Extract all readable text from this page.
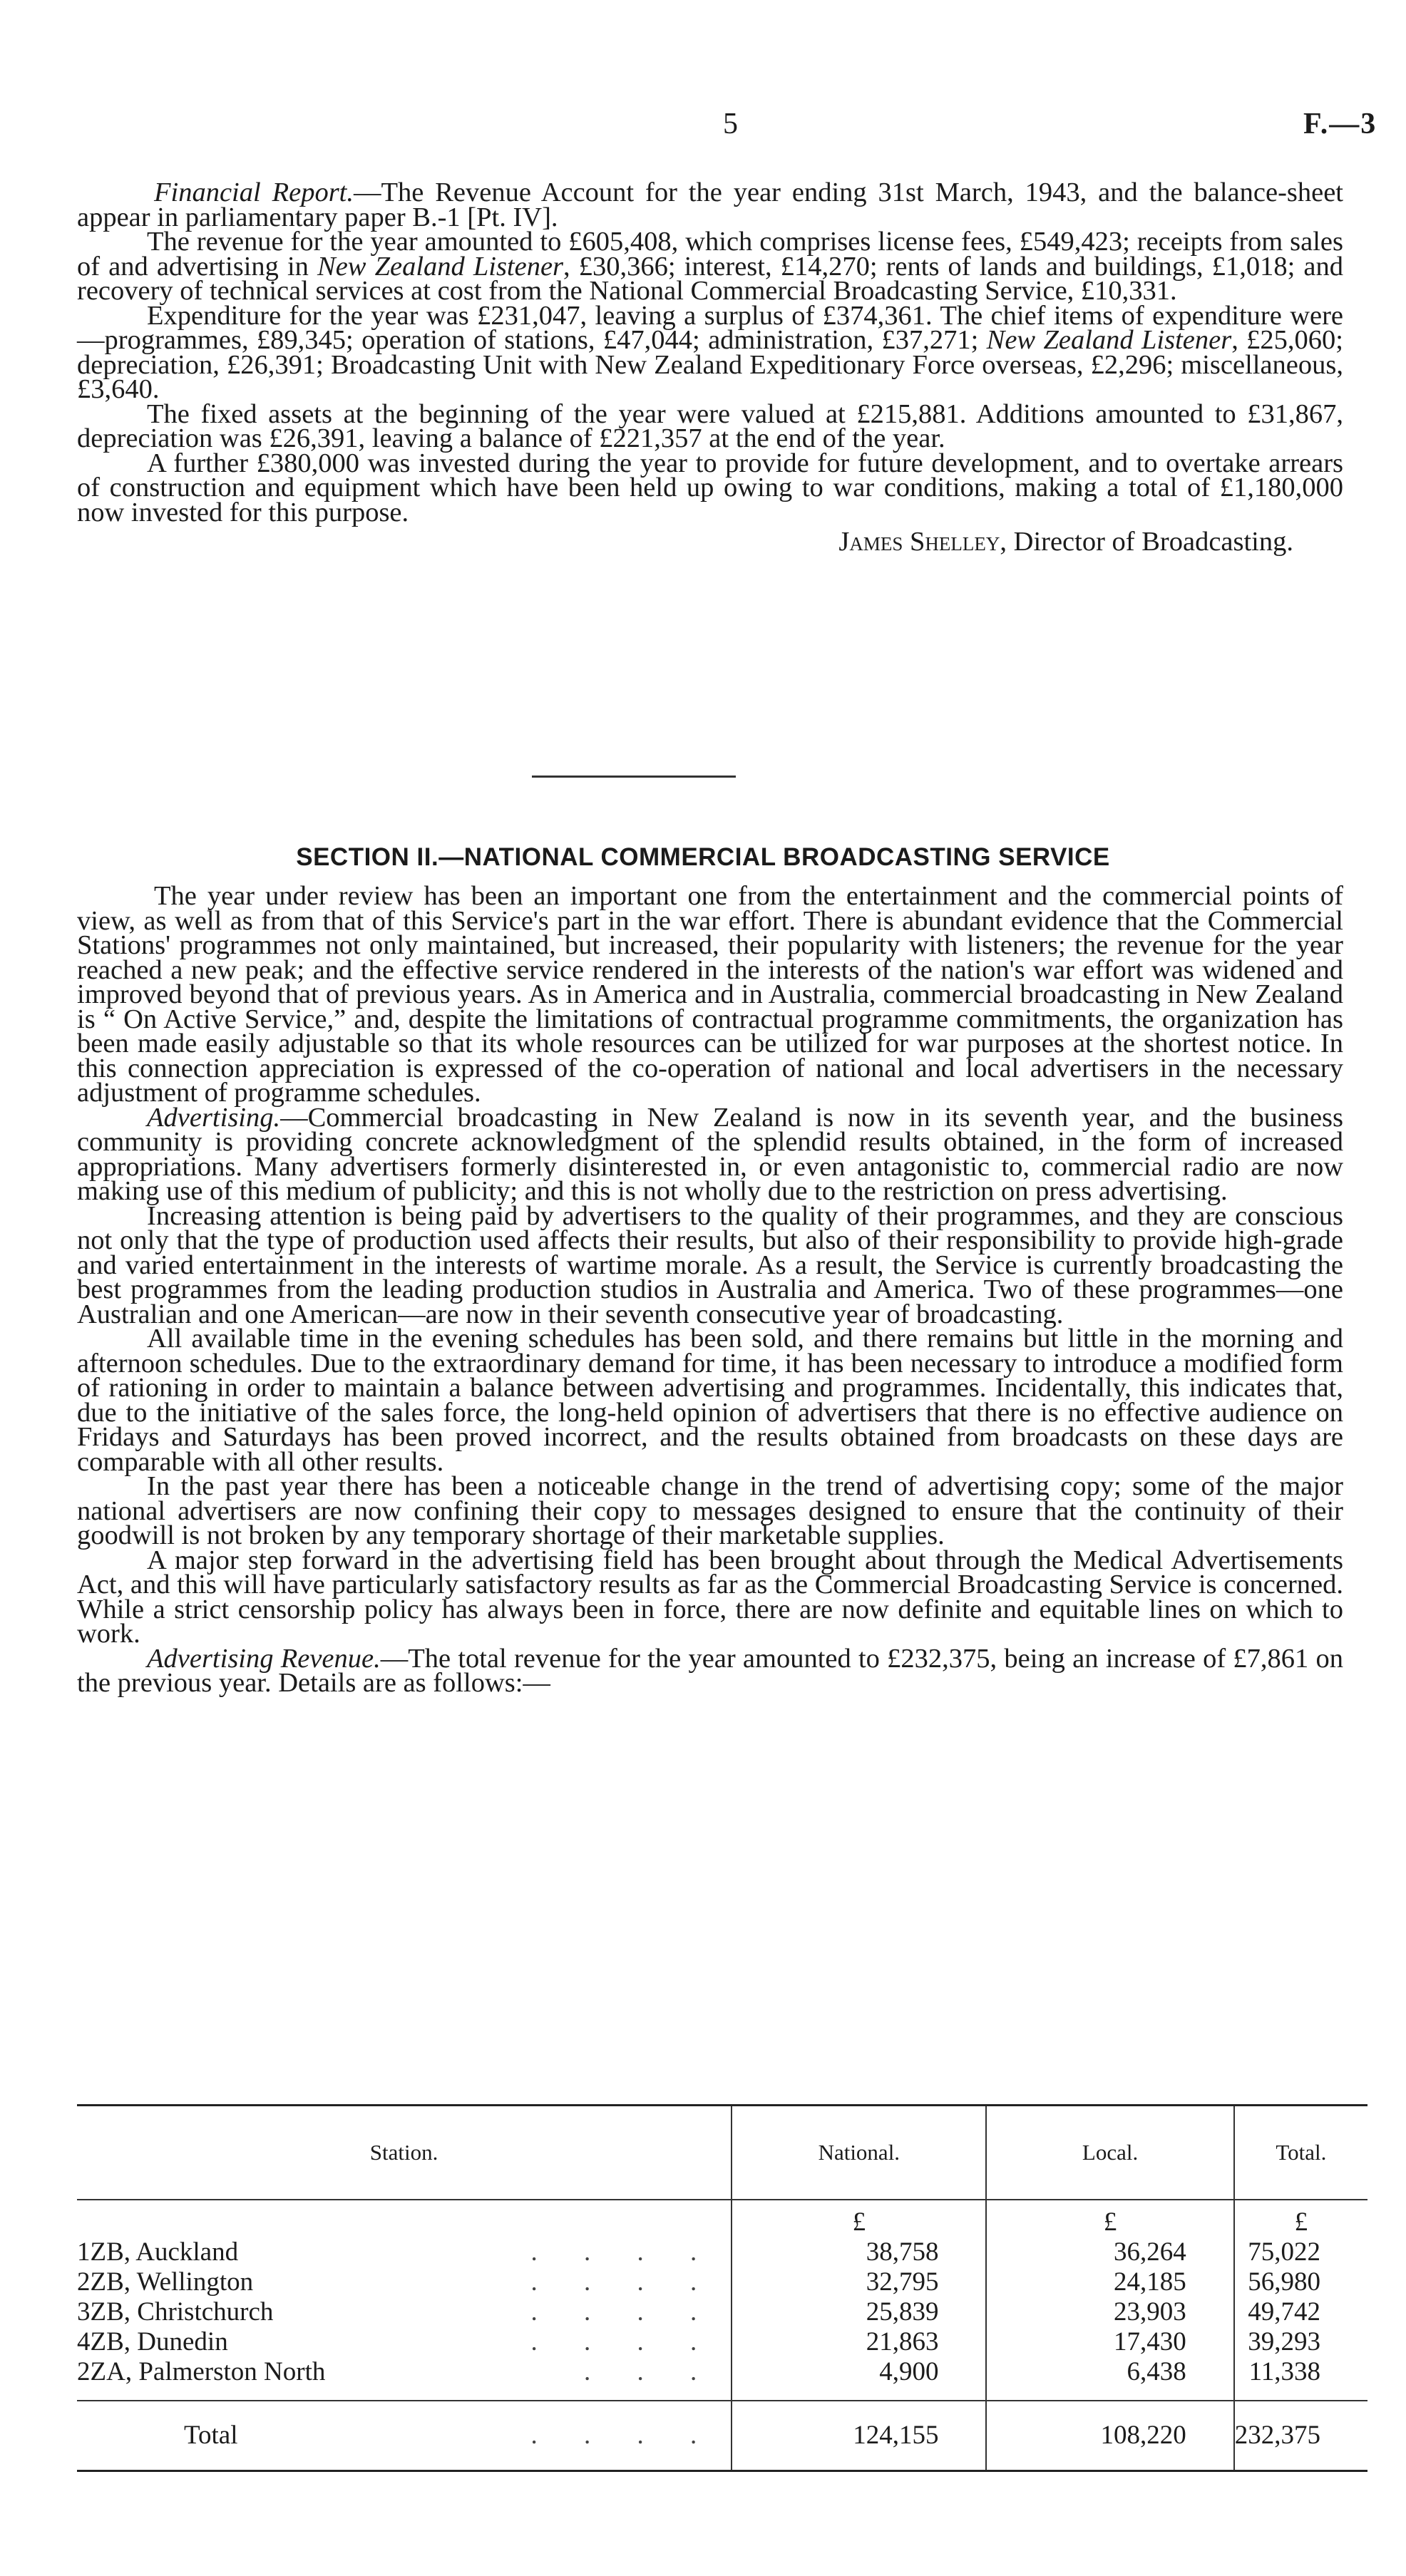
5	F.—3

Financial Report.—The Revenue Account for the year ending 31st March, 1943, and the balance-sheet appear in parliamentary paper B.-1 [Pt. IV].

The revenue for the year amounted to £605,408, which comprises license fees, £549,423; receipts from sales of and advertising in New Zealand Listener, £30,366; interest, £14,270; rents of lands and buildings, £1,018; and recovery of technical services at cost from the National Commercial Broadcasting Service, £10,331.

Expenditure for the year was £231,047, leaving a surplus of £374,361. The chief items of expenditure were—programmes, £89,345; operation of stations, £47,044; administration, £37,271; New Zealand Listener, £25,060; depreciation, £26,391; Broadcasting Unit with New Zealand Expeditionary Force overseas, £2,296; miscellaneous, £3,640.

The fixed assets at the beginning of the year were valued at £215,881. Additions amounted to £31,867, depreciation was £26,391, leaving a balance of £221,357 at the end of the year.

A further £380,000 was invested during the year to provide for future development, and to overtake arrears of construction and equipment which have been held up owing to war conditions, making a total of £1,180,000 now invested for this purpose.

James Shelley, Director of Broadcasting.
SECTION II.—NATIONAL COMMERCIAL BROADCASTING SERVICE

The year under review has been an important one from the entertainment and the commercial points of view, as well as from that of this Service's part in the war effort. There is abundant evidence that the Commercial Stations' programmes not only maintained, but increased, their popularity with listeners; the revenue for the year reached a new peak; and the effective service rendered in the interests of the nation's war effort was widened and improved beyond that of previous years. As in America and in Australia, commercial broadcasting in New Zealand is “ On Active Service,” and, despite the limitations of contractual programme commitments, the organization has been made easily adjustable so that its whole resources can be utilized for war purposes at the shortest notice. In this connection appreciation is expressed of the co-operation of national and local advertisers in the necessary adjustment of programme schedules.

Advertising.—Commercial broadcasting in New Zealand is now in its seventh year, and the business community is providing concrete acknowledgment of the splendid results obtained, in the form of increased appropriations. Many advertisers formerly disinterested in, or even antagonistic to, commercial radio are now making use of this medium of publicity; and this is not wholly due to the restriction on press advertising.

Increasing attention is being paid by advertisers to the quality of their programmes, and they are conscious not only that the type of production used affects their results, but also of their responsibility to provide high-grade and varied entertainment in the interests of wartime morale. As a result, the Service is currently broadcasting the best programmes from the leading production studios in Australia and America. Two of these programmes—one Australian and one American—are now in their seventh consecutive year of broadcasting.

All available time in the evening schedules has been sold, and there remains but little in the morning and afternoon schedules. Due to the extraordinary demand for time, it has been necessary to introduce a modified form of rationing in order to maintain a balance between advertising and programmes. Incidentally, this indicates that, due to the initiative of the sales force, the long-held opinion of advertisers that there is no effective audience on Fridays and Saturdays has been proved incorrect, and the results obtained from broadcasts on these days are comparable with all other results.

In the past year there has been a noticeable change in the trend of advertising copy; some of the major national advertisers are now confining their copy to messages designed to ensure that the continuity of their goodwill is not broken by any temporary shortage of their marketable supplies.

A major step forward in the advertising field has been brought about through the Medical Advertisements Act, and this will have particularly satisfactory results as far as the Commercial Broadcasting Service is concerned. While a strict censorship policy has always been in force, there are now definite and equitable lines on which to work.

Advertising Revenue.—The total revenue for the year amounted to £232,375, being an increase of £7,861 on the previous year. Details are as follows:—

Station.	National.	Local.	Total.
	£	£	£

1ZB, Auckland . . . .	38,758	36,264	75,022

2ZB, Wellington . . . .	32,795	24,185	56,980

3ZB, Christchurch . . . .	25,839	23,903	49,742

4ZB, Dunedin . . . .	21,863	17,430	39,293

2ZA, Palmerston North . . .	4,900	6,438	11,338

Total . . . .	124,155	108,220	232,375
